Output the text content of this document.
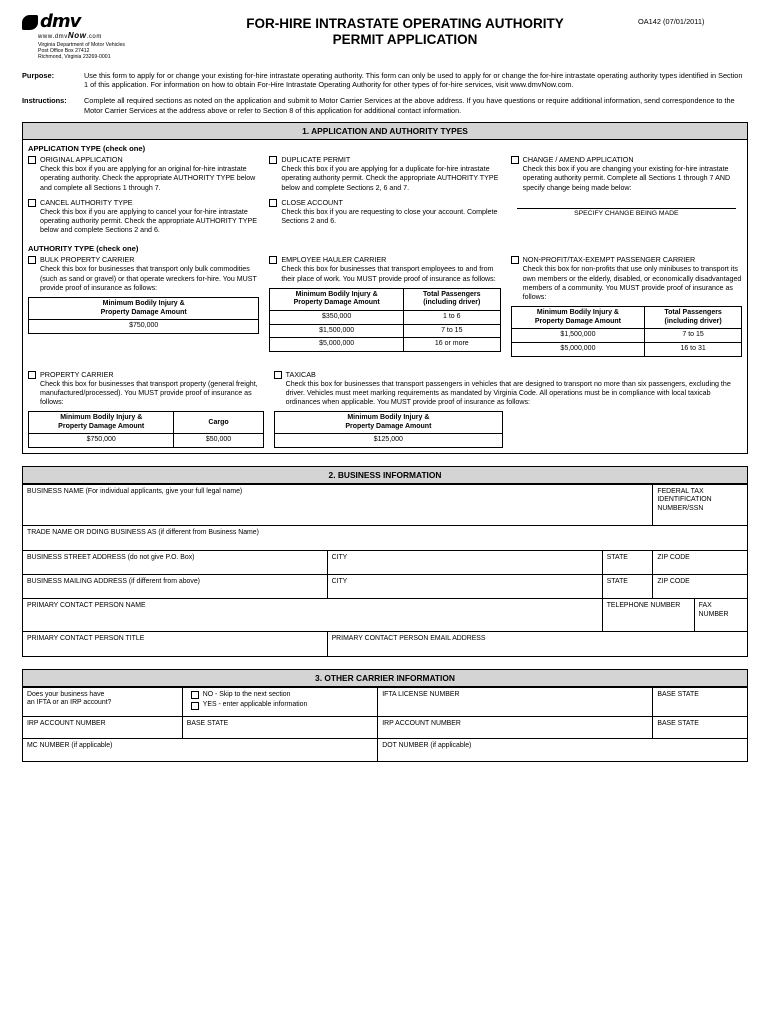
dmv
www.dmvNow.com
Virginia Department of Motor Vehicles
Post Office Box 27412
Richmond, Virginia 23269-0001
FOR-HIRE INTRASTATE OPERATING AUTHORITY
PERMIT APPLICATION
OA142 (07/01/2011)
Purpose:	Use this form to apply for or change your existing for-hire intrastate operating authority. This form can only be used to apply for or change the for-hire intrastate operating authority types identified in Section 1 of this application. For information on how to obtain For-Hire Intrastate Operating Authority for other types of for-hire services, visit www.dmvNow.com.
Instructions:	Complete all required sections as noted on the application and submit to Motor Carrier Services at the above address. If you have questions or require additional information, send correspondence to the Motor Carrier Services at the address above or refer to Section 8 of this application for additional contact information.
1. APPLICATION AND AUTHORITY TYPES
APPLICATION TYPE (check one)
ORIGINAL APPLICATION
Check this box if you are applying for an original for-hire intrastate operating authority. Check the appropriate AUTHORITY TYPE below and complete all Sections 1 through 7.
DUPLICATE PERMIT
Check this box if you are applying for a duplicate for-hire intrastate operating authority permit. Check the appropriate AUTHORITY TYPE below and complete Sections 2, 6 and 7.
CHANGE / AMEND APPLICATION
Check this box if you are changing your existing for-hire intrastate operating authority permit. Complete all Sections 1 through 7 AND specify change being made below:
CANCEL AUTHORITY TYPE
Check this box if you are applying to cancel your for-hire intrastate operating authority permit. Check the appropriate AUTHORITY TYPE below and complete Sections 2 and 6.
CLOSE ACCOUNT
Check this box if you are requesting to close your account. Complete Sections 2 and 6.
SPECIFY CHANGE BEING MADE
AUTHORITY TYPE (check one)
BULK PROPERTY CARRIER
Check this box for businesses that transport only bulk commodities (such as sand or gravel) or that operate wreckers for-hire. You MUST provide proof of insurance as follows:
Minimum Bodily Injury &
Property Damage Amount
$750,000
EMPLOYEE HAULER CARRIER
Check this box for businesses that transport employees to and from their place of work. You MUST provide proof of insurance as follows:
Minimum Bodily Injury &
Property Damage Amount	Total Passengers
(including driver)
$350,000	1 to 6
$1,500,000	7 to 15
$5,000,000	16 or more
NON-PROFIT/TAX-EXEMPT PASSENGER CARRIER
Check this box for non-profits that use only minibuses to transport its own members or the elderly, disabled, or economically disadvantaged members of a community. You MUST provide proof of insurance as follows:
Minimum Bodily Injury &
Property Damage Amount	Total Passengers
(including driver)
$1,500,000	7 to 15
$5,000,000	16 to 31
PROPERTY CARRIER
Check this box for businesses that transport property (general freight, manufactured/processed). You MUST provide proof of insurance as follows:
Minimum Bodily Injury &
Property Damage Amount	Cargo
$750,000	$50,000
TAXICAB
Check this box for businesses that transport passengers in vehicles that are designed to transport no more than six passengers, excluding the driver. Vehicles must meet marking requirements as mandated by Virginia Code. All operations must be in compliance with local taxicab ordinances when applicable. You MUST provide proof of insurance as follows:
Minimum Bodily Injury &
Property Damage Amount
$125,000
2. BUSINESS INFORMATION
BUSINESS NAME (For individual applicants, give your full legal name)			FEDERAL TAX IDENTIFICATION NUMBER/SSN	
TRADE NAME OR DOING BUSINESS AS (if different from Business Name)				
BUSINESS STREET ADDRESS (do not give P.O. Box)	CITY	STATE	ZIP CODE	
BUSINESS MAILING ADDRESS (if different from above)	CITY	STATE	ZIP CODE	
PRIMARY CONTACT PERSON NAME		TELEPHONE NUMBER		FAX NUMBER
PRIMARY CONTACT PERSON TITLE	PRIMARY CONTACT PERSON EMAIL ADDRESS			
3. OTHER CARRIER INFORMATION
Does your business have
an IFTA or an IRP account?

NO - Skip to the next section
YES - enter applicable information
	IFTA LICENSE NUMBER	BASE STATE
IRP ACCOUNT NUMBER	BASE STATE	IRP ACCOUNT NUMBER	BASE STATE
MC NUMBER (if applicable)		DOT NUMBER (if applicable)	
